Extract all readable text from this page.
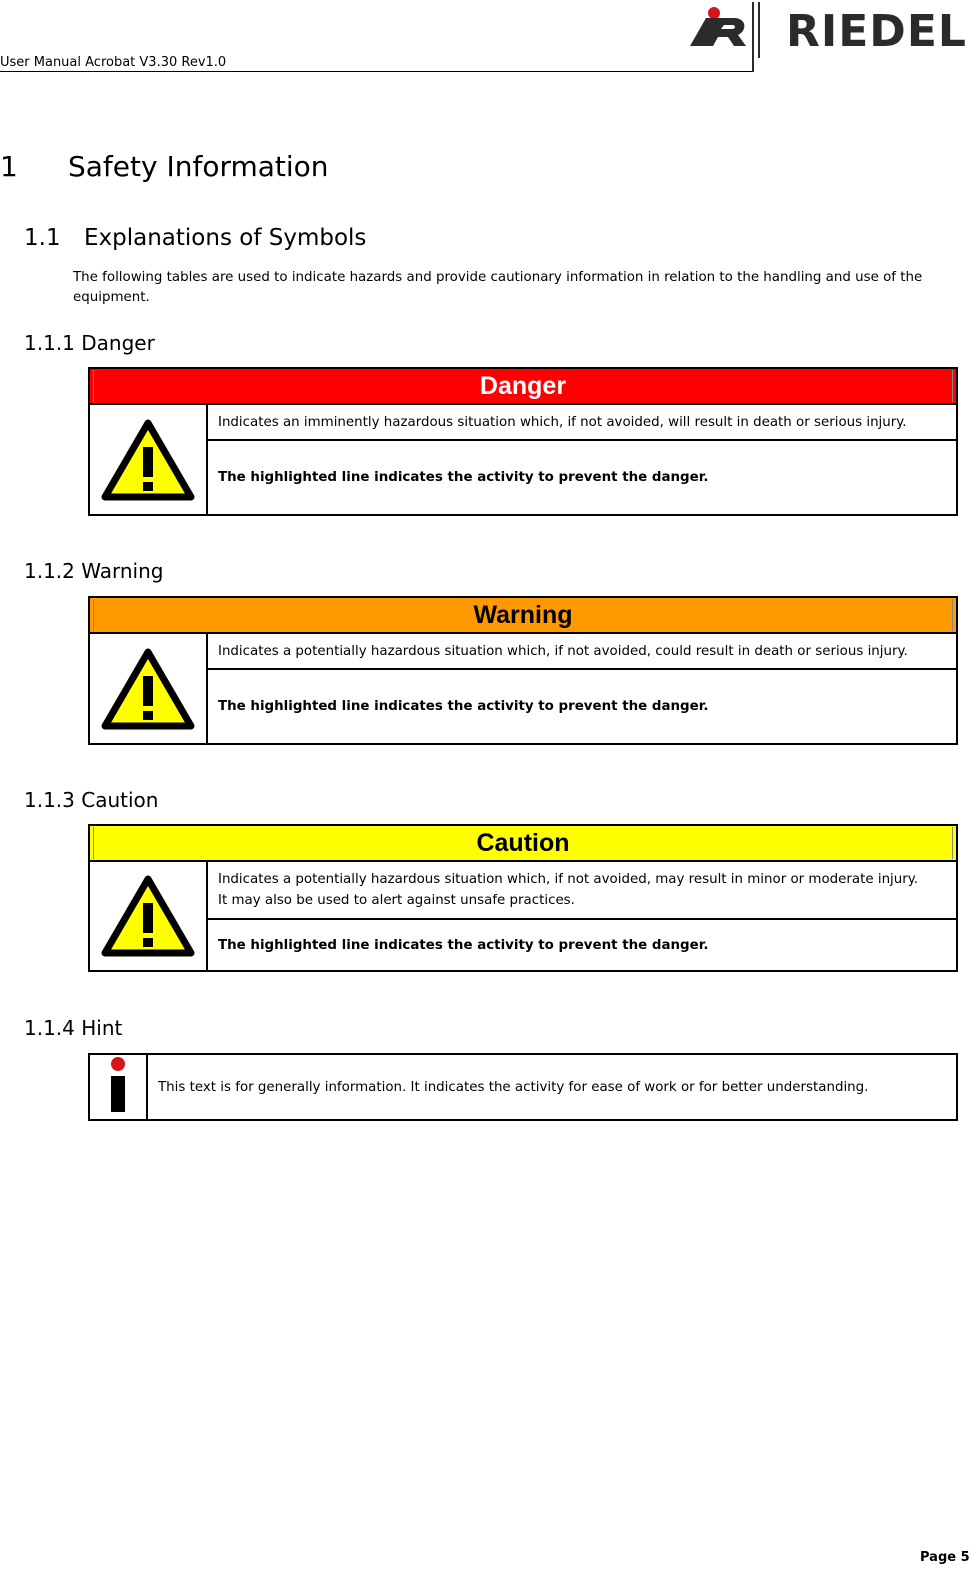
User Manual Acrobat V3.30 Rev1.0
RIEDEL
1 Safety Information
1.1 Explanations of Symbols
The following tables are used to indicate hazards and provide cautionary information in relation to the handling and use of the equipment.
1.1.1 Danger
Danger

	Indicates an imminently hazardous situation which, if not avoided, will result in death or serious injury.
The highlighted line indicates the activity to prevent the danger.
1.1.2 Warning
Warning

	Indicates a potentially hazardous situation which, if not avoided, could result in death or serious injury.
The highlighted line indicates the activity to prevent the danger.
1.1.3 Caution
Caution

	Indicates a potentially hazardous situation which, if not avoided, may result in minor or moderate injury.
It may also be used to alert against unsafe practices.
The highlighted line indicates the activity to prevent the danger.
1.1.4 Hint
	This text is for generally information. It indicates the activity for ease of work or for better understanding.
Page 5
